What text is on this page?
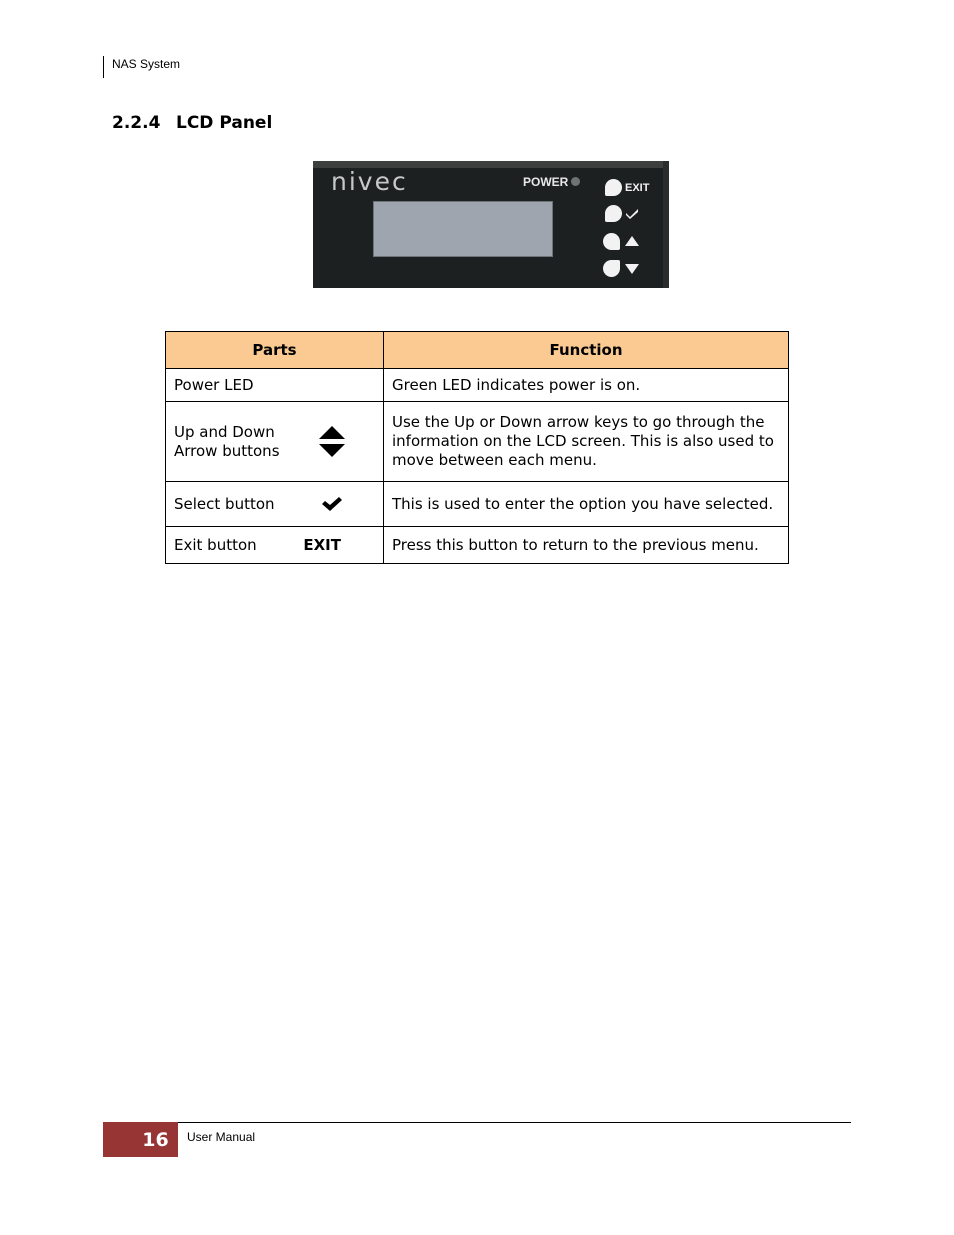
NAS System
2.2.4 LCD Panel
nivec	POWER	EXIT
Parts	Function
Power LED	Green LED indicates power is on.

Up and Down Arrow buttons	Use the Up or Down arrow keys to go through the information on the LCD screen. This is also used to move between each menu.

Select button	This is used to enter the option you have selected.

Exit button EXIT	Press this button to return to the previous menu.
16	User Manual
